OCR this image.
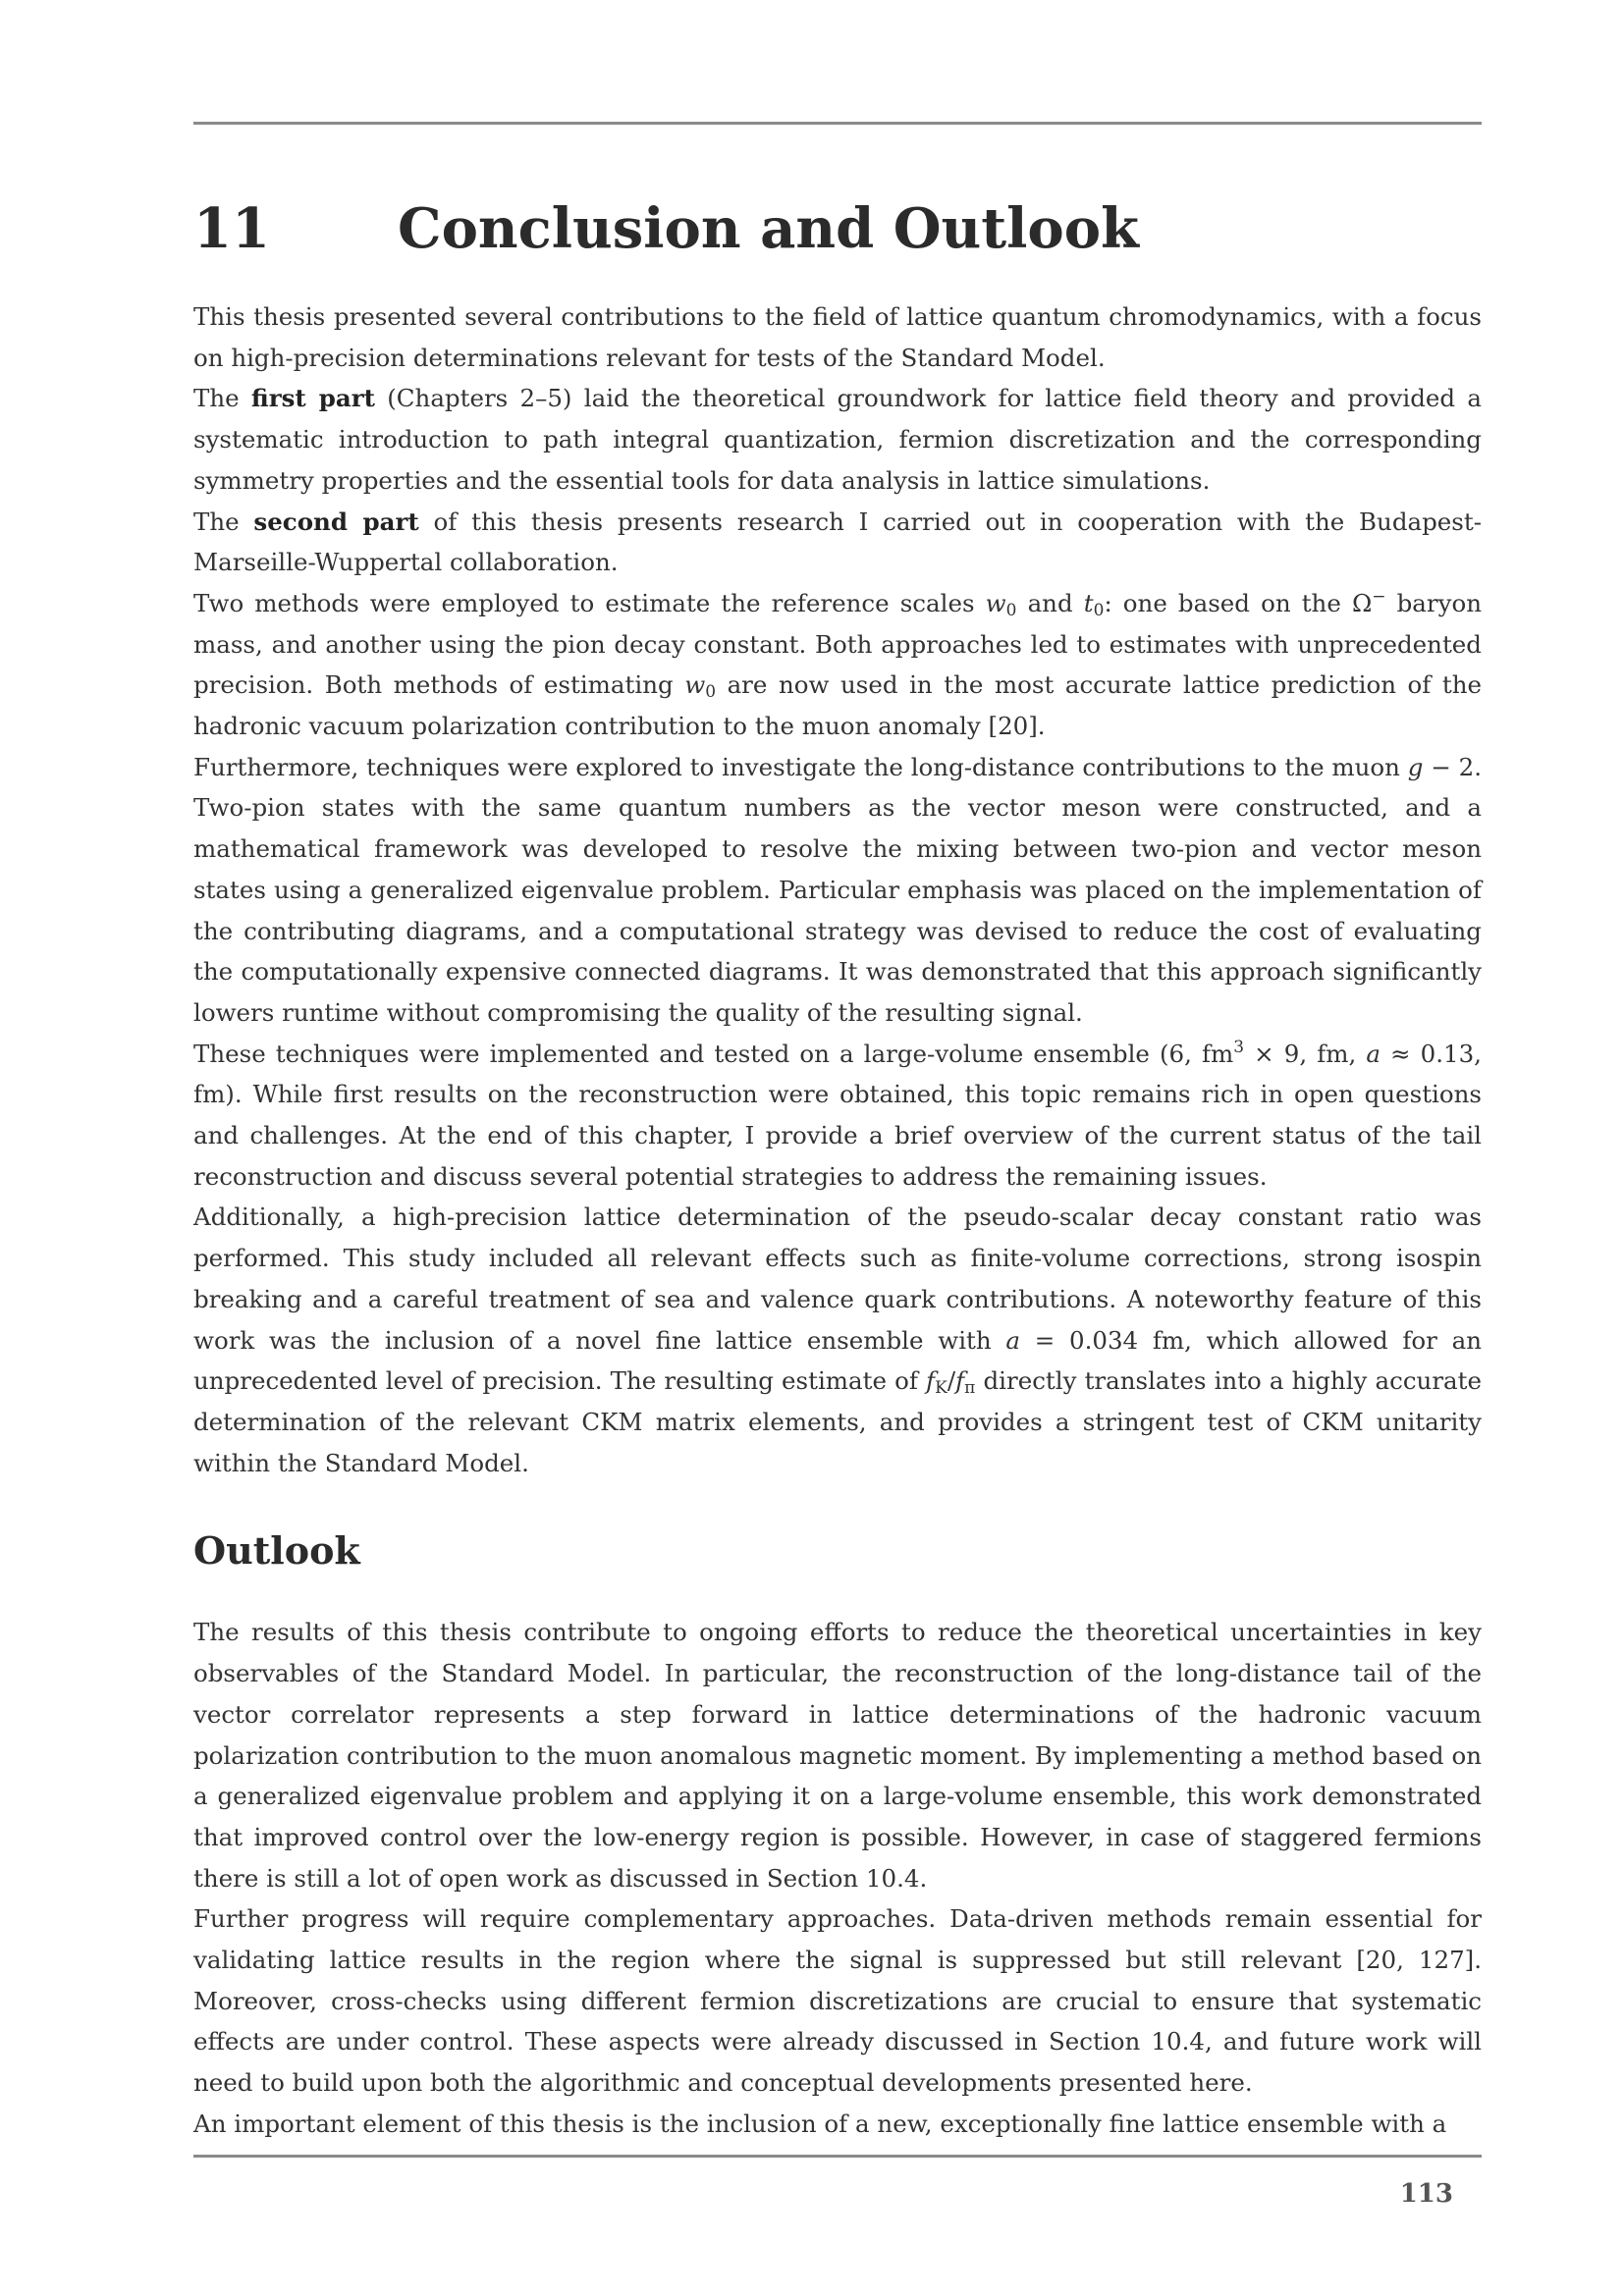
11 Conclusion and Outlook

This thesis presented several contributions to the field of lattice quantum chromodynamics, with a focus on high-precision determinations relevant for tests of the Standard Model.

The first part (Chapters 2–5) laid the theoretical groundwork for lattice field theory and provided a systematic introduction to path integral quantization, fermion discretization and the corresponding symmetry properties and the essential tools for data analysis in lattice simulations.

The second part of this thesis presents research I carried out in cooperation with the Budapest-Marseille-Wuppertal collaboration.

Two methods were employed to estimate the reference scales $w_0$ and $t_0$: one based on the Ω− baryon mass, and another using the pion decay constant. Both approaches led to estimates with unprecedented precision. Both methods of estimating $w_0$ are now used in the most accurate lattice prediction of the hadronic vacuum polarization contribution to the muon anomaly [20].

Furthermore, techniques were explored to investigate the long-distance contributions to the muon g − 2. Two-pion states with the same quantum numbers as the vector meson were constructed, and a mathematical framework was developed to resolve the mixing between two-pion and vector meson states using a generalized eigenvalue problem. Particular emphasis was placed on the implementation of the contributing diagrams, and a computational strategy was devised to reduce the cost of evaluating the computationally expensive connected diagrams. It was demonstrated that this approach significantly lowers runtime without compromising the quality of the resulting signal.

These techniques were implemented and tested on a large-volume ensemble (6, $fm^3 \times 9$, fm, a ≈ 0.13, fm). While first results on the reconstruction were obtained, this topic remains rich in open questions and challenges. At the end of this chapter, I provide a brief overview of the current status of the tail reconstruction and discuss several potential strategies to address the remaining issues.

Additionally, a high-precision lattice determination of the pseudo-scalar decay constant ratio was performed. This study included all relevant effects such as finite-volume corrections, strong isospin breaking and a careful treatment of sea and valence quark contributions. A noteworthy feature of this work was the inclusion of a novel fine lattice ensemble with a = 0.034 fm, which allowed for an unprecedented level of precision. The resulting estimate of $f_K/f_\pi$ directly translates into a highly accurate determination of the relevant CKM matrix elements, and provides a stringent test of CKM unitarity within the Standard Model.

Outlook

The results of this thesis contribute to ongoing efforts to reduce the theoretical uncertainties in key observables of the Standard Model. In particular, the reconstruction of the long-distance tail of the vector correlator represents a step forward in lattice determinations of the hadronic vacuum polarization contribution to the muon anomalous magnetic moment. By implementing a method based on a generalized eigenvalue problem and applying it on a large-volume ensemble, this work demonstrated that improved control over the low-energy region is possible. However, in case of staggered fermions there is still a lot of open work as discussed in Section 10.4.

Further progress will require complementary approaches. Data-driven methods remain essential for validating lattice results in the region where the signal is suppressed but still relevant [20, 127]. Moreover, cross-checks using different fermion discretizations are crucial to ensure that systematic effects are under control. These aspects were already discussed in Section 10.4, and future work will need to build upon both the algorithmic and conceptual developments presented here.

An important element of this thesis is the inclusion of a new, exceptionally fine lattice ensemble with a

113
